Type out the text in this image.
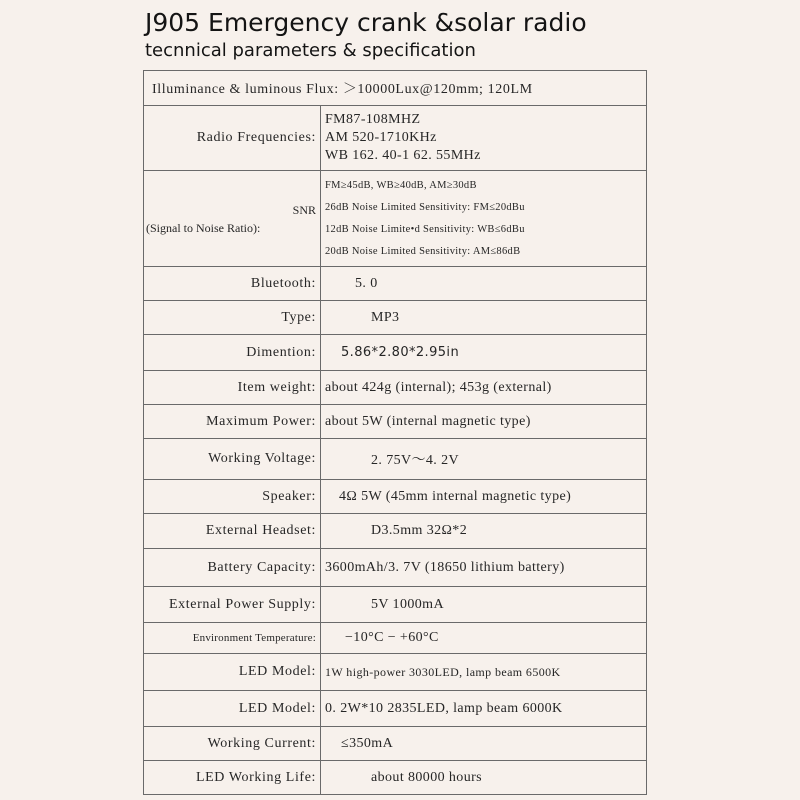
J905 Emergency crank &solar radio
tecnnical parameters & specification
Illuminance & luminous Flux: ＞10000Lux@120mm; 120LM	
Radio Frequencies:	FM87-108MHZ
AM 520-1710KHz
WB 162. 40-1 62. 55MHz

SNR
(Signal to Noise Ratio):	FM≥45dB, WB≥40dB, AM≥30dB
26dB Noise Limited Sensitivity: FM≤20dBu
12dB Noise Limite•d Sensitivity: WB≤6dBu
20dB Noise Limited Sensitivity: AM≤86dB

Bluetooth:	5. 0
Type:	MP3
Dimention:	5.86*2.80*2.95in
Item weight:	about 424g (internal); 453g (external)
Maximum Power:	about 5W (internal magnetic type)
Working Voltage:	2. 75V～4. 2V
Speaker:	4Ω 5W (45mm internal magnetic type)
External Headset:	D3.5mm 32Ω*2
Battery Capacity:	3600mAh/3. 7V (18650 lithium battery)
External Power Supply:	5V 1000mA
Environment Temperature:	−10°C − +60°C
LED Model:	1W high-power 3030LED, lamp beam 6500K
LED Model:	0. 2W*10 2835LED, lamp beam 6000K
Working Current:	≤350mA
LED Working Life:	about 80000 hours
